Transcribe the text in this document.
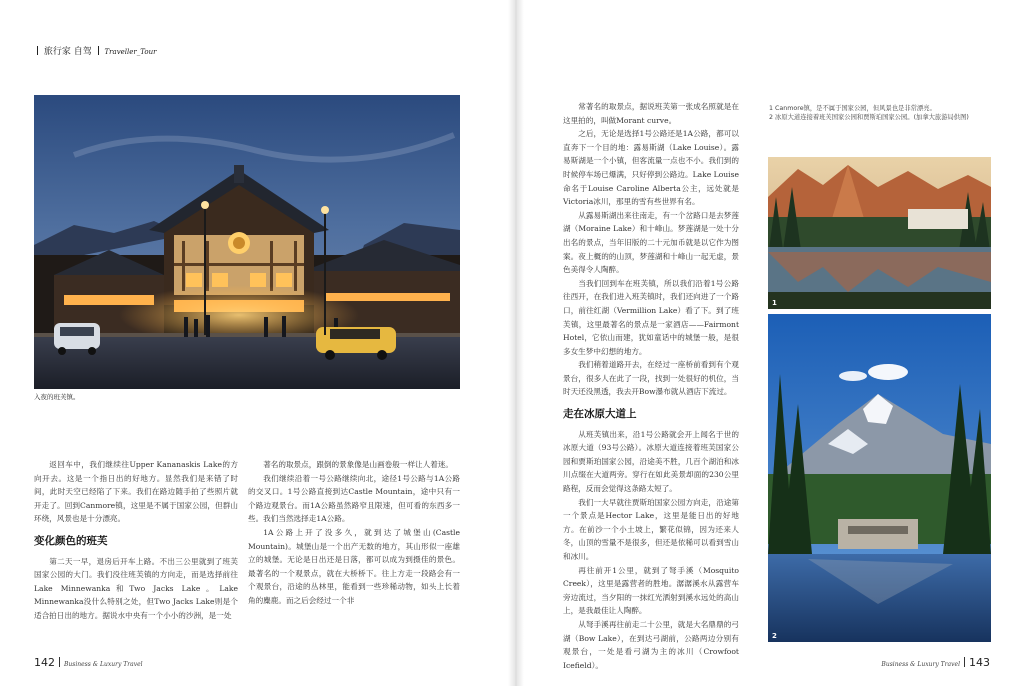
旅行家 自驾 Traveller_Tour
入夜的班芙镇。

返回车中，我们继续往Upper Kananaskis Lake的方向开去。这是一个指日出的好地方。显然我们是来错了时间，此时天空已经陷了下来。我们在路边随手拍了些照片就开走了。回到Canmore镇，这里是不属于国家公园，但群山环绕，风景也是十分漂亮。

变化颜色的班芙

第二天一早，退房后开车上路。不出三公里就到了班芙国家公园的大门。我们没往班芙镇的方向走，而是选择前往Lake Minnewanka和Two Jacks Lake。Lake Minnewanka没什么特别之处，但Two Jacks Lake则是个适合拍日出的地方。据说水中央有一个小小的沙洲，是一处

著名的取景点，跟倒的景象像是山画卷般一样让人着迷。

我们继续沿着一号公路继续向北，途径1号公路与1A公路的交叉口。1号公路直接到达Castle Mountain，途中只有一个路边观景台。而1A公路虽然路窄且限速，但可看的东西多一些。我们当然选择走1A公路。

1A公路上开了没多久，就到达了城堡山(Castle Mountain)。城堡山是一个出产无数的地方，其山形似一座雄立的城堡。无论是日出还是日落，都可以成为到摄佳的景色。最著名的一个观景点，就在大桥桥下。往上方走一段路会有一个观景台，沿途的丛林里，能看到一些珍稀动物，如头上长着角的麋鹿。而之后会经过一个非

常著名的取景点，据说班芙第一张成名照就是在这里拍的，叫做Morant curve。

之后，无论是选择1号公路还是1A公路，都可以直奔下一个目的地：露易斯湖（Lake Louise）。露易斯湖是一个小镇，但客流量一点也不小。我们到的时候停车场已爆满，只好停到公路边。Lake Louise命名于Louise Caroline Alberta公主，远处就是Victoria冰川，那里的雪有些世界有名。

从露易斯湖出来往南走，有一个岔路口是去梦莲湖（Moraine Lake）和十峰山。梦莲湖是一处十分出名的景点，当年旧版的二十元加币就是以它作为图案。夜上概的的山顶，梦莲湖和十峰山一起无虚，景色美得令人陶醉。

当我们回到车在班芙镇，所以我们沿着1号公路往西开，在我们进入班芙镇时，我们还向进了一个路口，前往红湖（Vermillion Lake）看了下。到了班芙镇，这里最著名的景点是一家酒店——Fairmont Hotel，它依山而建，犹如童话中的城堡一般，是很多女生梦中幻想的地方。

我们稍着道路开去，在经过一座桥前看到有个观景台，很多人在此了一段，找到一处很好的机位，当时天还没黑透，我去开Bow瀑布就从酒店下流过。

走在冰原大道上

从班芙镇出来，沿1号公路就会开上闻名于世的冰原大道（93号公路）。冰原大道连接着班芙国家公园和贾斯珀国家公园，沿途美不胜，几百个湖泊和冰川点缀在大道两旁。穿行在如此美景却面的230公里路程，反而会觉得这条路太短了。

我们一大早就往贾斯珀国家公园方向走，沿途第一个景点是Hector Lake，这里是能日出的好地方。在前沙一个小土坡上，繁花似锦，因为还来人冬，山顶的雪量不是很多，但还是依稀可以看到雪山和冰川。

再往前开1公里，就到了弩手溪（Mosquito Creek），这里是露营者的胜地。潺潺溪水从露营车旁边流过，当夕阳的一抹红光洒射到溪水远处的高山上，是我最佳让人陶醉。

从弩手溪再往前走二十公里，就是大名鼎鼎的弓湖（Bow Lake），在到达弓湖前，公路两边分别有观景台，一处是看弓湖为主的冰川（Crowfoot Icefield）。

1 Canmore镇，是不属于国家公园，但风景也是非常漂亮。
2 冰原大道连接着班芙国家公园和贾斯珀国家公园。(加拿大旅游局供图)
1
2
142 Business & Luxury Travel	Business & Luxury Travel 143
